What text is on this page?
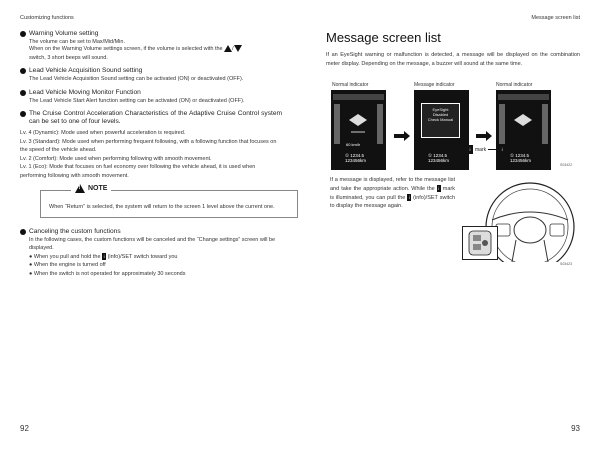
Customizing functions	Message screen list
Warning Volume setting

The volume can be set to Max/Mid/Min.

When on the Warning Volume settings screen, if the volume is selected with the /

switch, 3 short beeps will sound.

Lead Vehicle Acquisition Sound setting

The Lead Vehicle Acquisition Sound setting can be activated (ON) or deactivated (OFF).

Lead Vehicle Moving Monitor Function

The Lead Vehicle Start Alert function setting can be activated (ON) or deactivated (OFF).

The Cruise Control Acceleration Characteristics of the Adaptive Cruise Control system can be set to one of four levels.

Lv. 4 (Dynamic): Mode used when powerful acceleration is required.

Lv. 3 (Standard): Mode used when performing frequent following, with a following function that focuses on the speed of the vehicle ahead.

Lv. 2 (Comfort): Mode used when performing following with smooth movement.

Lv. 1 (Eco): Mode that focuses on fuel economy over following the vehicle ahead, it is used when performing following with smooth movement.

!
NOTE
When “Return” is selected, the system will return to the screen 1 level above the current one.
Canceling the custom functions

In the following cases, the custom functions will be canceled and the “Change settings” screen will be displayed.

● When you pull and hold the i (info)/SET switch toward you

● When the engine is turned off

● When the switch is not operated for approximately 30 seconds

92
Message screen list
If an EyeSight warning or malfunction is detected, a message will be displayed on the combination meter display. Depending on the message, a buzzer will sound at the same time.
Normal indicator	Message indicator	Normal indicator
60 km/h
① 1234.5
123456km
EyeSight
Disabled
Check Manual
① 1234.5
123456km
① 1234.5
123456km
i mark	i
S03422
If a message is displayed, refer to the message list and take the appropriate action. While the i mark is illuminated, you can pull the i (info)/SET switch to display the message again.
S03423
93
